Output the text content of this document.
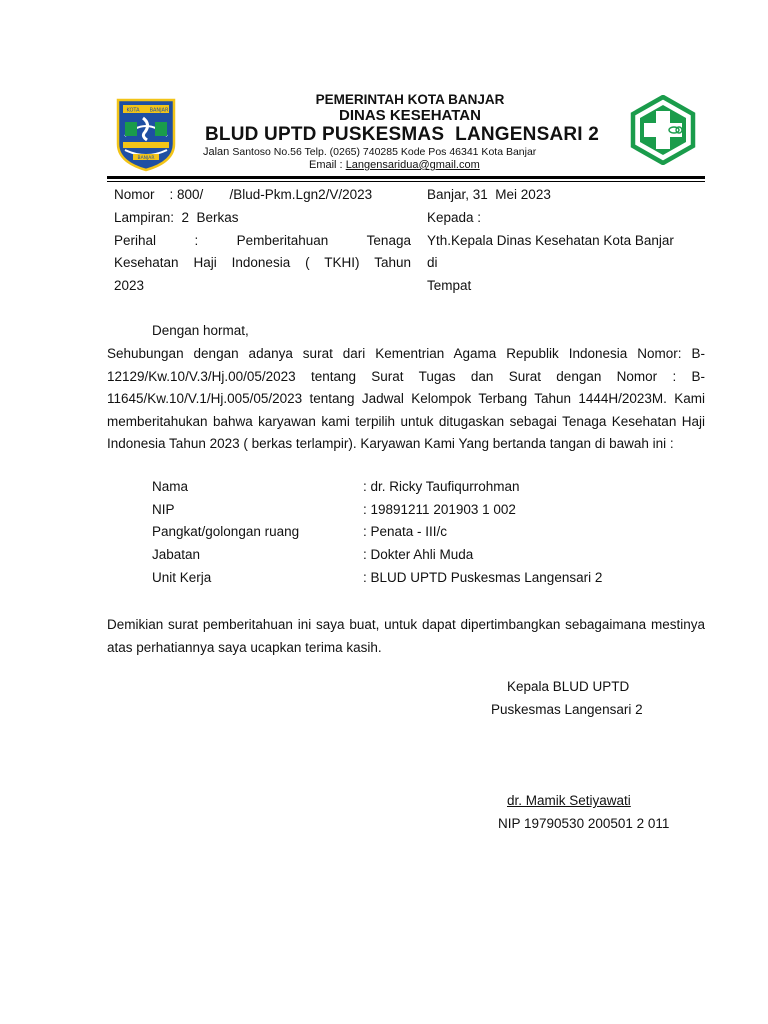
KOTA BANJAR
BANJAR
PEMERINTAH KOTA BANJAR
DINAS KESEHATAN
BLUD UPTD PUSKESMAS  LANGENSARI 2
Jalan Santoso No.56 Telp. (0265) 740285 Kode Pos 46341 Kota Banjar
Email : Langensaridua@gmail.com
Nomor    : 800/       /Blud-Pkm.Lgn2/V/2023
Lampiran:  2  Berkas
Perihal	:	Pemberitahuan	Tenaga
Kesehatan Haji Indonesia ( TKHI) Tahun
2023
Banjar, 31  Mei 2023
Kepada :
Yth.Kepala Dinas Kesehatan Kota Banjar
di
Tempat
Dengan hormat,
Sehubungan dengan adanya surat dari Kementrian Agama Republik Indonesia Nomor: B-12129/Kw.10/V.3/Hj.00/05/2023 tentang Surat Tugas dan Surat dengan Nomor : B-11645/Kw.10/V.1/Hj.005/05/2023 tentang Jadwal Kelompok Terbang Tahun 1444H/2023M. Kami memberitahukan bahwa karyawan kami terpilih untuk ditugaskan sebagai Tenaga Kesehatan Haji Indonesia Tahun 2023 ( berkas terlampir). Karyawan Kami Yang bertanda tangan di bawah ini :
Nama	: dr. Ricky Taufiqurrohman
NIP	: 19891211 201903 1 002
Pangkat/golongan ruang	: Penata - III/c
Jabatan	: Dokter Ahli Muda
Unit Kerja	: BLUD UPTD Puskesmas Langensari 2
Demikian surat pemberitahuan ini saya buat, untuk dapat dipertimbangkan sebagaimana mestinya atas perhatiannya saya ucapkan terima kasih.
Kepala BLUD UPTD
Puskesmas Langensari 2
dr. Mamik Setiyawati
NIP 19790530 200501 2 011
